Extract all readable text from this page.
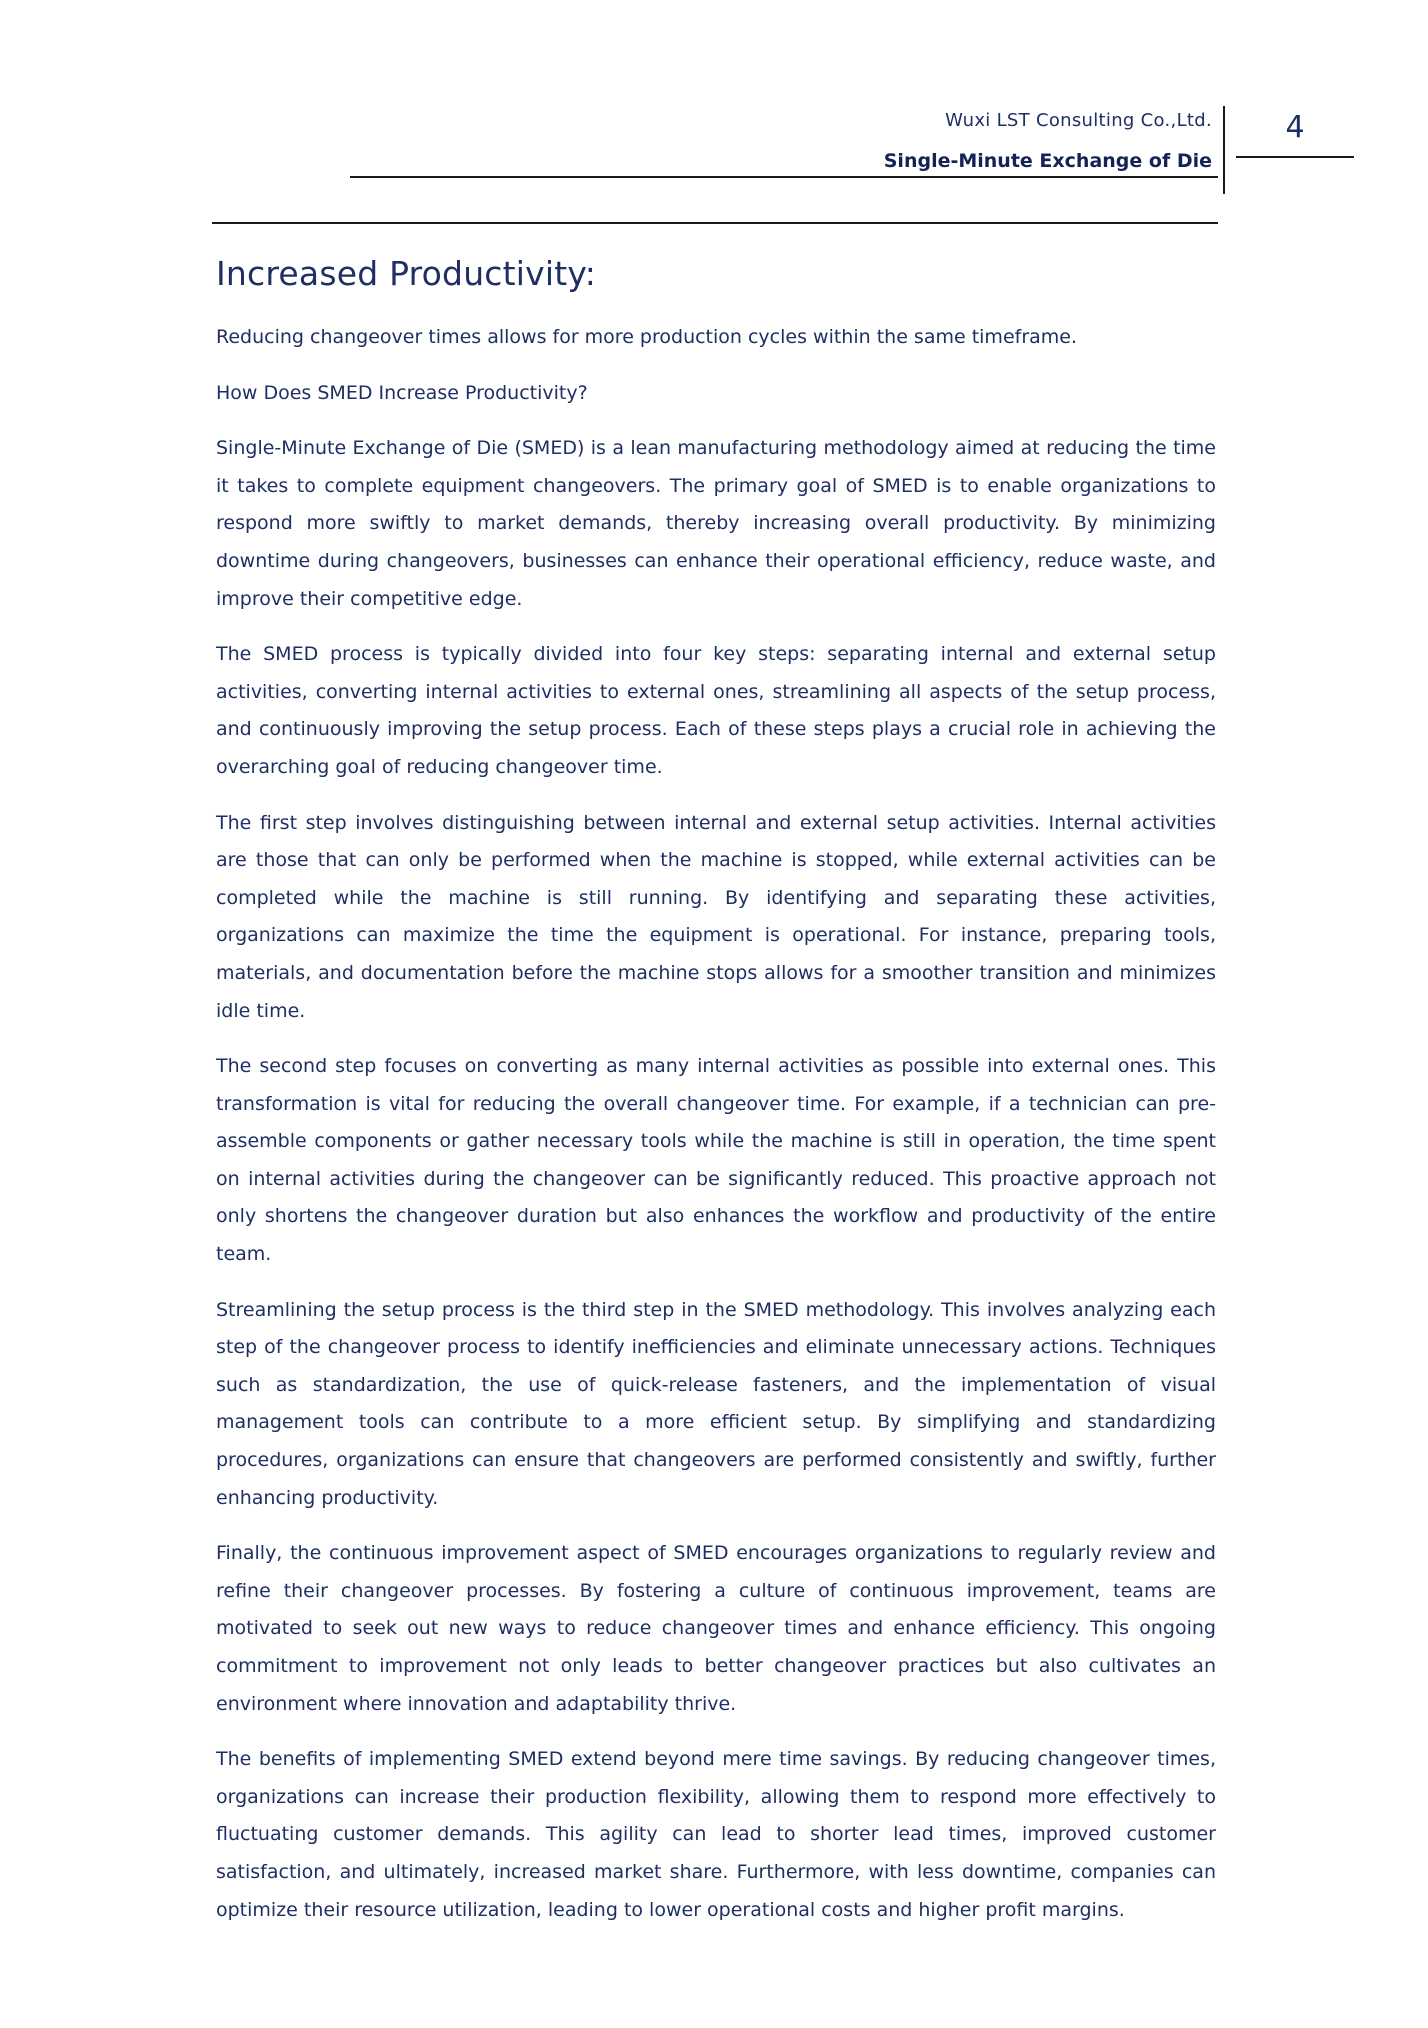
Wuxi LST Consulting Co.,Ltd.
Single-Minute Exchange of Die
4
Increased Productivity:

Reducing changeover times allows for more production cycles within the same timeframe.

How Does SMED Increase Productivity?

Single-Minute Exchange of Die (SMED) is a lean manufacturing methodology aimed at reducing the time it takes to complete equipment changeovers. The primary goal of SMED is to enable organizations to respond more swiftly to market demands, thereby increasing overall productivity. By minimizing downtime during changeovers, businesses can enhance their operational efficiency, reduce waste, and improve their competitive edge.

The SMED process is typically divided into four key steps: separating internal and external setup activities, converting internal activities to external ones, streamlining all aspects of the setup process, and continuously improving the setup process. Each of these steps plays a crucial role in achieving the overarching goal of reducing changeover time.

The first step involves distinguishing between internal and external setup activities. Internal activities are those that can only be performed when the machine is stopped, while external activities can be completed while the machine is still running. By identifying and separating these activities, organizations can maximize the time the equipment is operational. For instance, preparing tools, materials, and documentation before the machine stops allows for a smoother transition and minimizes idle time.

The second step focuses on converting as many internal activities as possible into external ones. This transformation is vital for reducing the overall changeover time. For example, if a technician can pre-assemble components or gather necessary tools while the machine is still in operation, the time spent on internal activities during the changeover can be significantly reduced. This proactive approach not only shortens the changeover duration but also enhances the workflow and productivity of the entire team.

Streamlining the setup process is the third step in the SMED methodology. This involves analyzing each step of the changeover process to identify inefficiencies and eliminate unnecessary actions. Techniques such as standardization, the use of quick-release fasteners, and the implementation of visual management tools can contribute to a more efficient setup. By simplifying and standardizing procedures, organizations can ensure that changeovers are performed consistently and swiftly, further enhancing productivity.

Finally, the continuous improvement aspect of SMED encourages organizations to regularly review and refine their changeover processes. By fostering a culture of continuous improvement, teams are motivated to seek out new ways to reduce changeover times and enhance efficiency. This ongoing commitment to improvement not only leads to better changeover practices but also cultivates an environment where innovation and adaptability thrive.

The benefits of implementing SMED extend beyond mere time savings. By reducing changeover times, organizations can increase their production flexibility, allowing them to respond more effectively to fluctuating customer demands. This agility can lead to shorter lead times, improved customer satisfaction, and ultimately, increased market share. Furthermore, with less downtime, companies can optimize their resource utilization, leading to lower operational costs and higher profit margins.
